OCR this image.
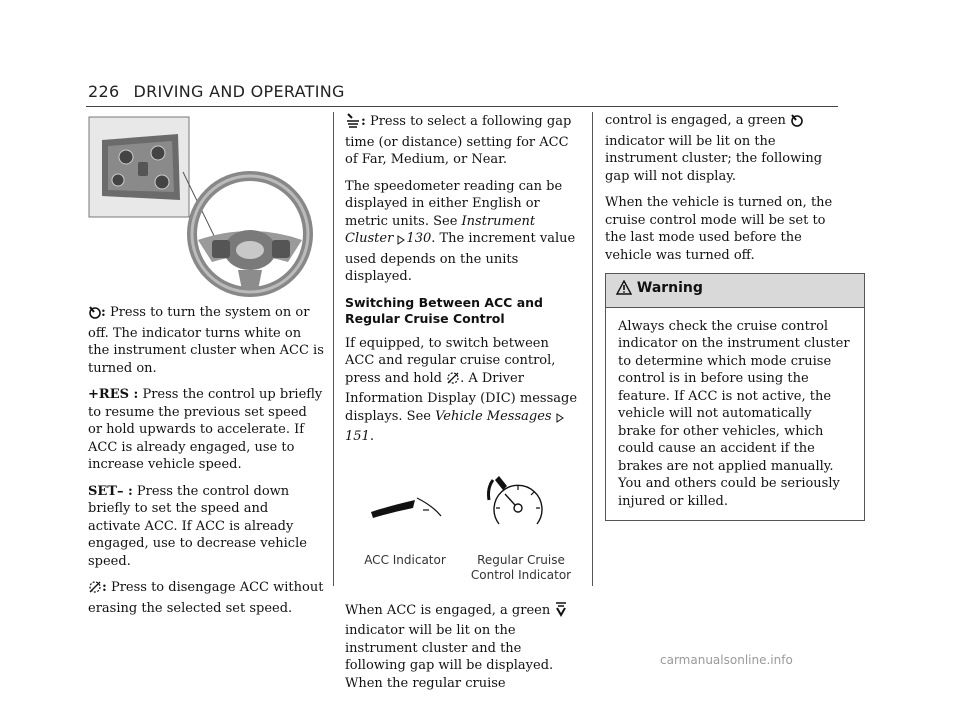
226 DRIVING AND OPERATING

: Press to turn the system on or off. The indicator turns white on the instrument cluster when ACC is turned on.

+RES : Press the control up briefly to resume the previous set speed or hold upwards to accelerate. If ACC is already engaged, use to increase vehicle speed.

SET– : Press the control down briefly to set the speed and activate ACC. If ACC is already engaged, use to decrease vehicle speed.

: Press to disengage ACC without erasing the selected set speed.

: Press to select a following gap time (or distance) setting for ACC of Far, Medium, or Near.

The speedometer reading can be displayed in either English or metric units. See Instrument Cluster 130. The increment value used depends on the units displayed.

Switching Between ACC and Regular Cruise Control

If equipped, to switch between ACC and regular cruise control, press and hold . A Driver Information Display (DIC) message displays. See Vehicle Messages 151.

ACC Indicator	Regular Cruise
Control Indicator

When ACC is engaged, a green  indicator will be lit on the instrument cluster and the following gap will be displayed. When the regular cruise

control is engaged, a green  indicator will be lit on the instrument cluster; the following gap will not display.

When the vehicle is turned on, the cruise control mode will be set to the last mode used before the vehicle was turned off.

Warning
Always check the cruise control indicator on the instrument cluster to determine which mode cruise control is in before using the feature. If ACC is not active, the vehicle will not automatically brake for other vehicles, which could cause an accident if the brakes are not applied manually. You and others could be seriously injured or killed.
carmanualsonline.info
